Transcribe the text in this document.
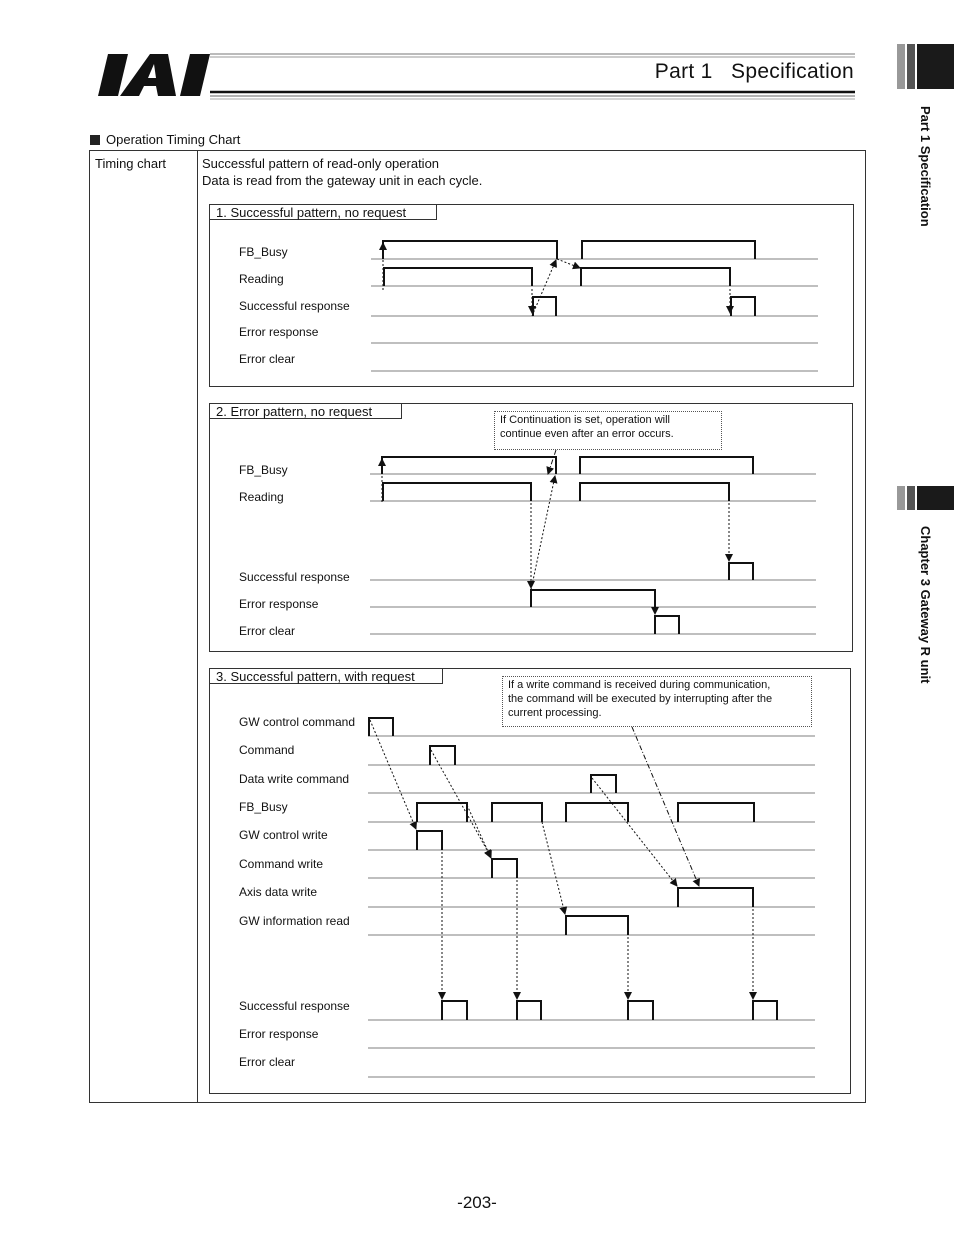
Part 1   Specification
Part 1 Specification
Chapter 3 Gateway R unit
Operation Timing Chart
Timing chart	Successful pattern of read-only operation
Data is read from the gateway unit in each cycle.
1. Successful pattern, no request
FB_Busy
Reading
Successful response
Error response
Error clear
2. Error pattern, no request
If Continuation is set, operation will
continue even after an error occurs.
FB_Busy
Reading
Successful response
Error response
Error clear
3. Successful pattern, with request
If a write command is received during communication,
the command will be executed by interrupting after the
current processing.
GW control command
Command
Data write command
FB_Busy
GW control write
Command write
Axis data write
GW information read
Successful response
Error response
Error clear
-203-
